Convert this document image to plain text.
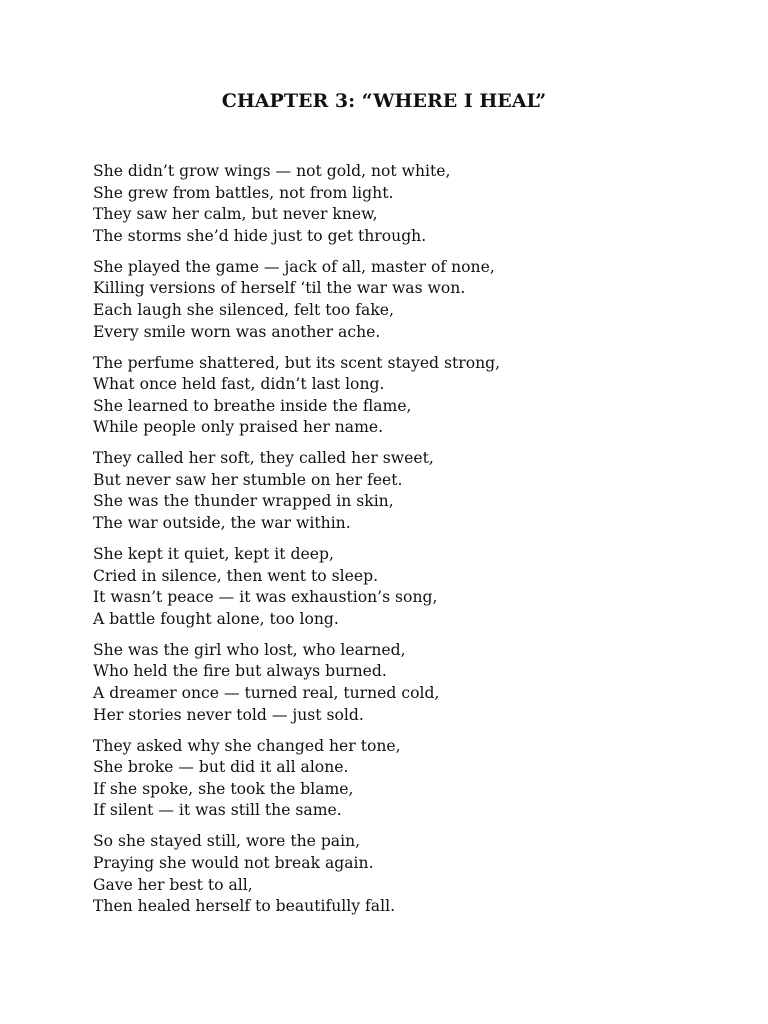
CHAPTER 3: “WHERE I HEAL”
She didn’t grow wings — not gold, not white,
She grew from battles, not from light.
They saw her calm, but never knew,
The storms she’d hide just to get through.
She played the game — jack of all, master of none,
Killing versions of herself ‘til the war was won.
Each laugh she silenced, felt too fake,
Every smile worn was another ache.
The perfume shattered, but its scent stayed strong,
What once held fast, didn’t last long.
She learned to breathe inside the flame,
While people only praised her name.
They called her soft, they called her sweet,
But never saw her stumble on her feet.
She was the thunder wrapped in skin,
The war outside, the war within.
She kept it quiet, kept it deep,
Cried in silence, then went to sleep.
It wasn’t peace — it was exhaustion’s song,
A battle fought alone, too long.
She was the girl who lost, who learned,
Who held the fire but always burned.
A dreamer once — turned real, turned cold,
Her stories never told — just sold.
They asked why she changed her tone,
She broke — but did it all alone.
If she spoke, she took the blame,
If silent — it was still the same.
So she stayed still, wore the pain,
Praying she would not break again.
Gave her best to all,
Then healed herself to beautifully fall.
